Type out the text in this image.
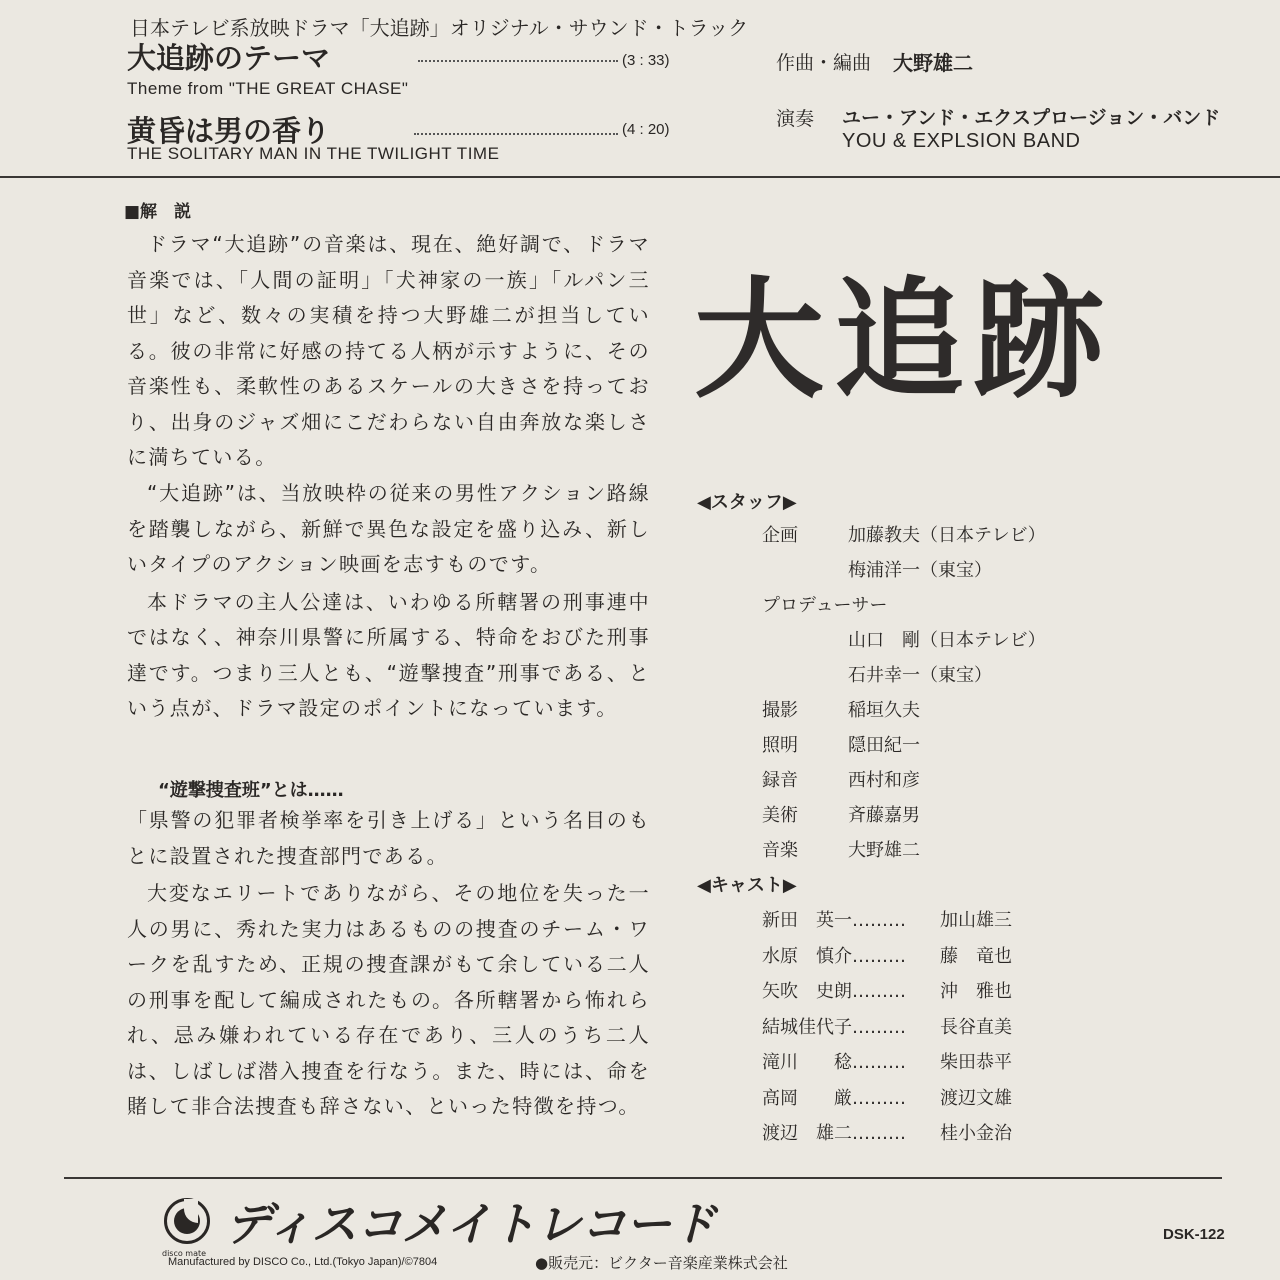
日本テレビ系放映ドラマ「大追跡」オリジナル・サウンド・トラック
大追跡のテーマ	(3 : 33)
Theme from "THE GREAT CHASE"
黄昏は男の香り	(4 : 20)
THE SOLITARY MAN IN THE TWILIGHT TIME
作曲・編曲 大野雄二
演奏 ユー・アンド・エクスプロージョン・バンド
YOU & EXPLSION BAND
■解　説

ドラマ“大追跡”の音楽は、現在、絶好調で、ドラマ音楽では、「人間の証明」「犬神家の一族」「ルパン三世」など、数々の実積を持つ大野雄二が担当している。彼の非常に好感の持てる人柄が示すように、その音楽性も、柔軟性のあるスケールの大きさを持っており、出身のジャズ畑にこだわらない自由奔放な楽しさに満ちている。

“大追跡”は、当放映枠の従来の男性アクション路線を踏襲しながら、新鮮で異色な設定を盛り込み、新しいタイプのアクション映画を志すものです。

本ドラマの主人公達は、いわゆる所轄署の刑事連中ではなく、神奈川県警に所属する、特命をおびた刑事達です。つまり三人とも、“遊撃捜査”刑事である、という点が、ドラマ設定のポイントになっています。

“遊撃捜査班”とは……

「県警の犯罪者検挙率を引き上げる」という名目のもとに設置された捜査部門である。

大変なエリートでありながら、その地位を失った一人の男に、秀れた実力はあるものの捜査のチーム・ワークを乱すため、正規の捜査課がもて余している二人の刑事を配して編成されたもの。各所轄署から怖れられ、忌み嫌われている存在であり、三人のうち二人は、しばしば潜入捜査を行なう。また、時には、命を賭して非合法捜査も辞さない、といった特徴を持つ。

大追跡
◀スタッフ▶
企画	加藤教夫（日本テレビ）
梅浦洋一（東宝）
プロデューサー
山口　剛（日本テレビ）
石井幸一（東宝）
撮影	稲垣久夫
照明	隠田紀一
録音	西村和彦
美術	斉藤嘉男
音楽	大野雄二
◀キャスト▶
新田　英一……… 加山雄三
水原　慎介……… 藤　竜也
矢吹　史朗……… 沖　雅也
結城佳代子……… 長谷直美
滝川　　稔……… 柴田恭平
高岡　　厳……… 渡辺文雄
渡辺　雄二……… 桂小金治
disco mate
ディスコメイトレコード
Manufactured by DISCO Co., Ltd.(Tokyo Japan)/©7804	●販売元：ビクター音楽産業株式会社
DSK-122
